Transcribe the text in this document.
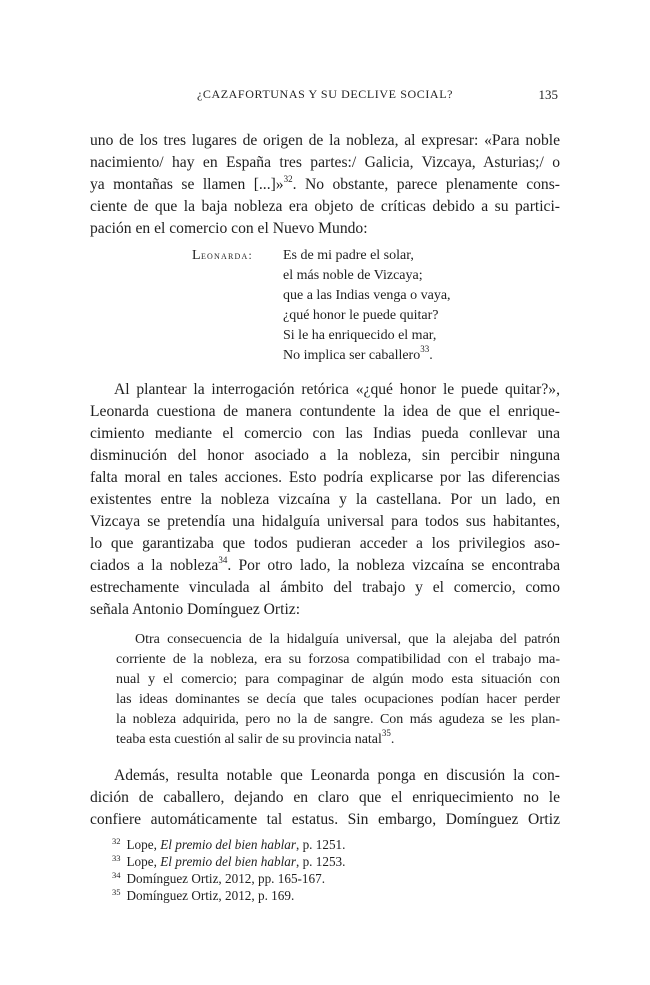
¿CAZAFORTUNAS Y SU DECLIVE SOCIAL?	135
uno de los tres lugares de origen de la nobleza, al expresar: «Para noble
nacimiento/ hay en España tres partes:/ Galicia, Vizcaya, Asturias;/ o
ya montañas se llamen [...]»$^{32}$. No obstante, parece plenamente cons-
ciente de que la baja nobleza era objeto de críticas debido a su partici-
pación en el comercio con el Nuevo Mundo:
Leonarda: Es de mi padre el solar,
el más noble de Vizcaya;
que a las Indias venga o vaya,
¿qué honor le puede quitar?
Si le ha enriquecido el mar,
No implica ser caballero$^{33}$.
Al plantear la interrogación retórica «¿qué honor le puede quitar?»,
Leonarda cuestiona de manera contundente la idea de que el enrique-
cimiento mediante el comercio con las Indias pueda conllevar una
disminución del honor asociado a la nobleza, sin percibir ninguna
falta moral en tales acciones. Esto podría explicarse por las diferencias
existentes entre la nobleza vizcaína y la castellana. Por un lado, en
Vizcaya se pretendía una hidalguía universal para todos sus habitantes,
lo que garantizaba que todos pudieran acceder a los privilegios aso-
ciados a la nobleza$^{34}$. Por otro lado, la nobleza vizcaína se encontraba
estrechamente vinculada al ámbito del trabajo y el comercio, como
señala Antonio Domínguez Ortiz:
Otra consecuencia de la hidalguía universal, que la alejaba del patrón
corriente de la nobleza, era su forzosa compatibilidad con el trabajo ma-
nual y el comercio; para compaginar de algún modo esta situación con
las ideas dominantes se decía que tales ocupaciones podían hacer perder
la nobleza adquirida, pero no la de sangre. Con más agudeza se les plan-
teaba esta cuestión al salir de su provincia natal$^{35}$.
Además, resulta notable que Leonarda ponga en discusión la con-
dición de caballero, dejando en claro que el enriquecimiento no le
confiere automáticamente tal estatus. Sin embargo, Domínguez Ortiz
$^{32}$ Lope, El premio del bien hablar, p. 1251.
$^{33}$ Lope, El premio del bien hablar, p. 1253.
$^{34}$ Domínguez Ortiz, 2012, pp. 165-167.
$^{35}$ Domínguez Ortiz, 2012, p. 169.
